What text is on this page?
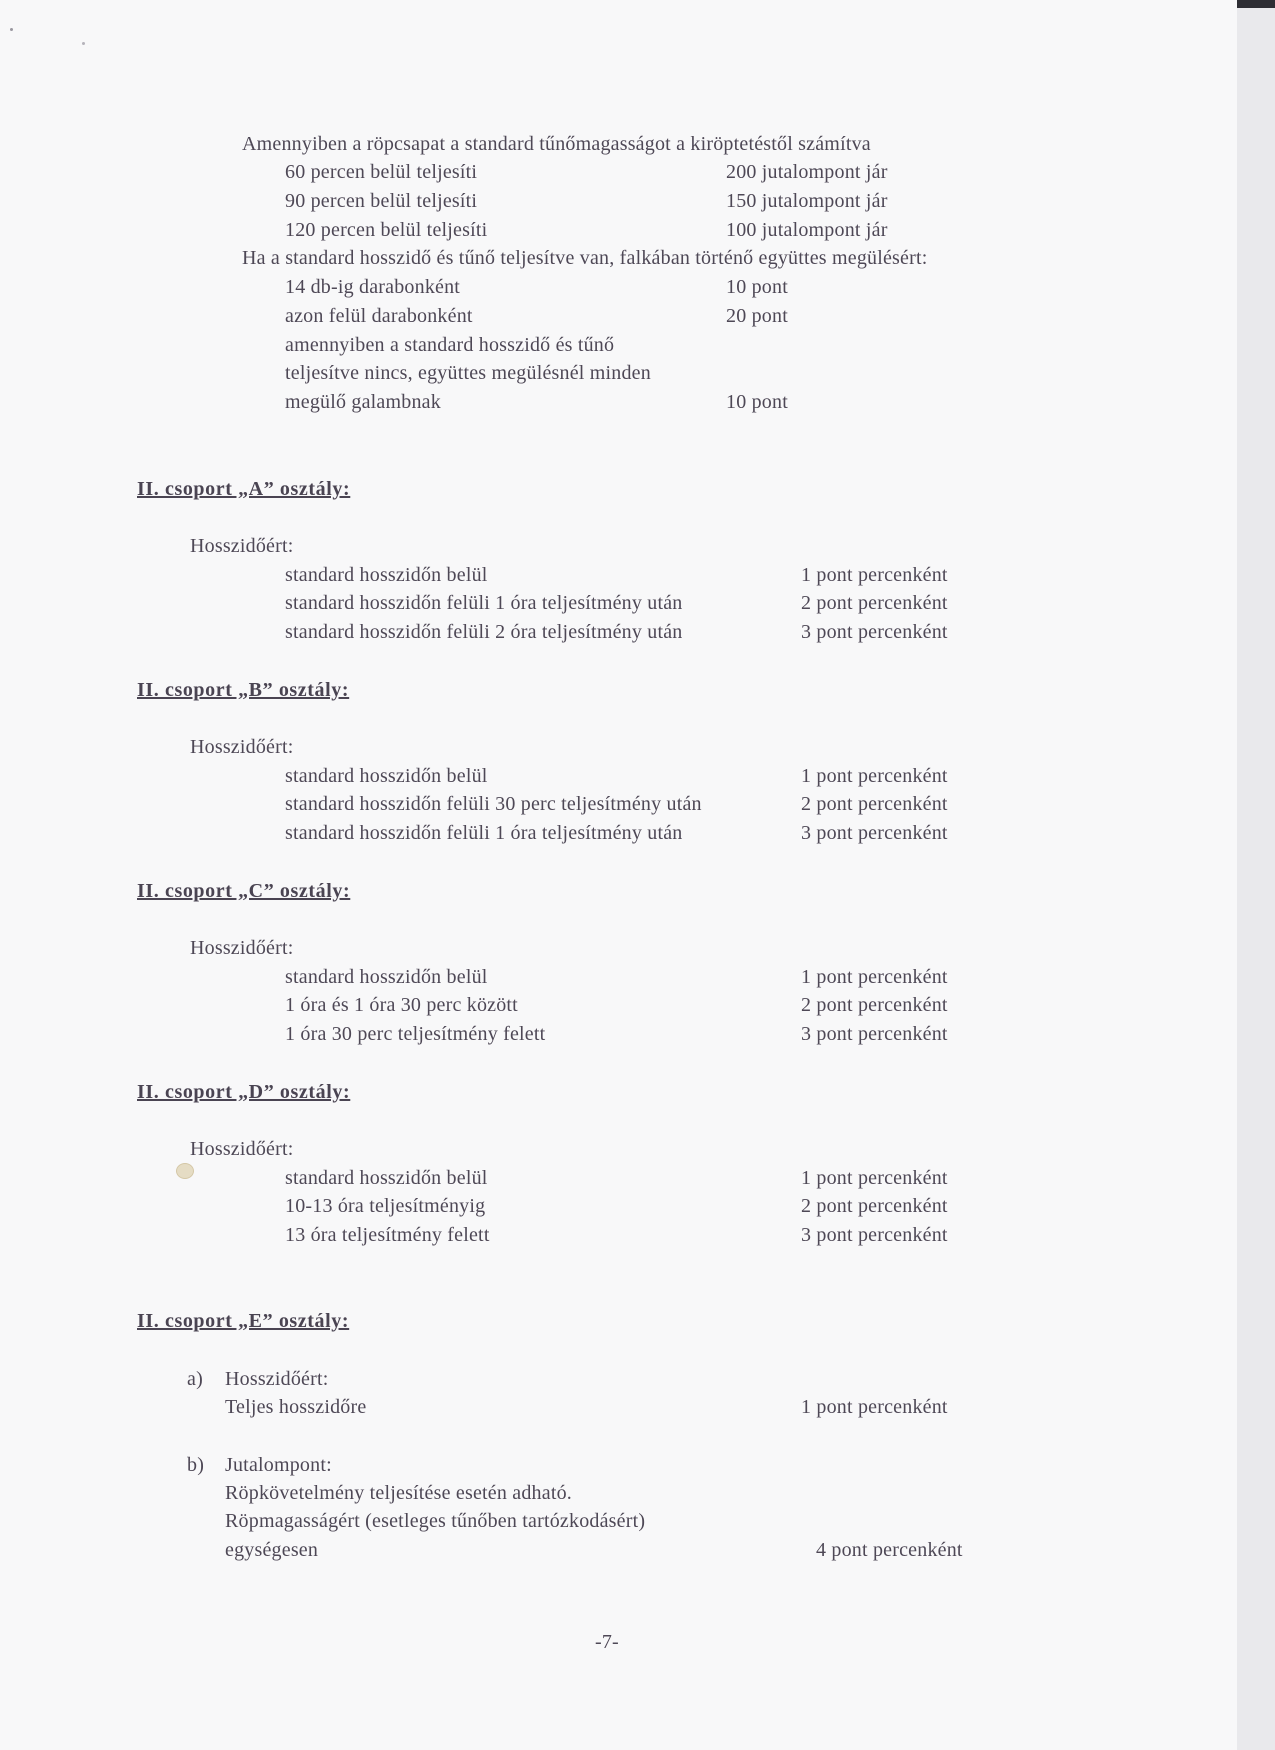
Amennyiben a röpcsapat a standard tűnőmagasságot a kiröptetéstől számítva
60 percen belül teljesíti	200 jutalompont jár
90 percen belül teljesíti	150 jutalompont jár
120 percen belül teljesíti	100 jutalompont jár
Ha a standard hosszidő és tűnő teljesítve van, falkában történő együttes megülésért:
14 db-ig darabonként	10 pont
azon felül darabonként	20 pont
amennyiben a standard hosszidő és tűnő
teljesítve nincs, együttes megülésnél minden
megülő galambnak	10 pont
II. csoport „A” osztály:
Hosszidőért:
standard hosszidőn belül	1 pont percenként
standard hosszidőn felüli 1 óra teljesítmény után	2 pont percenként
standard hosszidőn felüli 2 óra teljesítmény után	3 pont percenként
II. csoport „B” osztály:
Hosszidőért:
standard hosszidőn belül	1 pont percenként
standard hosszidőn felüli 30 perc teljesítmény után	2 pont percenként
standard hosszidőn felüli 1 óra teljesítmény után	3 pont percenként
II. csoport „C” osztály:
Hosszidőért:
standard hosszidőn belül	1 pont percenként
1 óra és 1 óra 30 perc között	2 pont percenként
1 óra 30 perc teljesítmény felett	3 pont percenként
II. csoport „D” osztály:
Hosszidőért:
standard hosszidőn belül	1 pont percenként
10-13 óra teljesítményig	2 pont percenként
13 óra teljesítmény felett	3 pont percenként
II. csoport „E” osztály:
a) Hosszidőért:
Teljes hosszidőre	1 pont percenként
b) Jutalompont:
Röpkövetelmény teljesítése esetén adható.
Röpmagasságért (esetleges tűnőben tartózkodásért)
egységesen	4 pont percenként
-7-
